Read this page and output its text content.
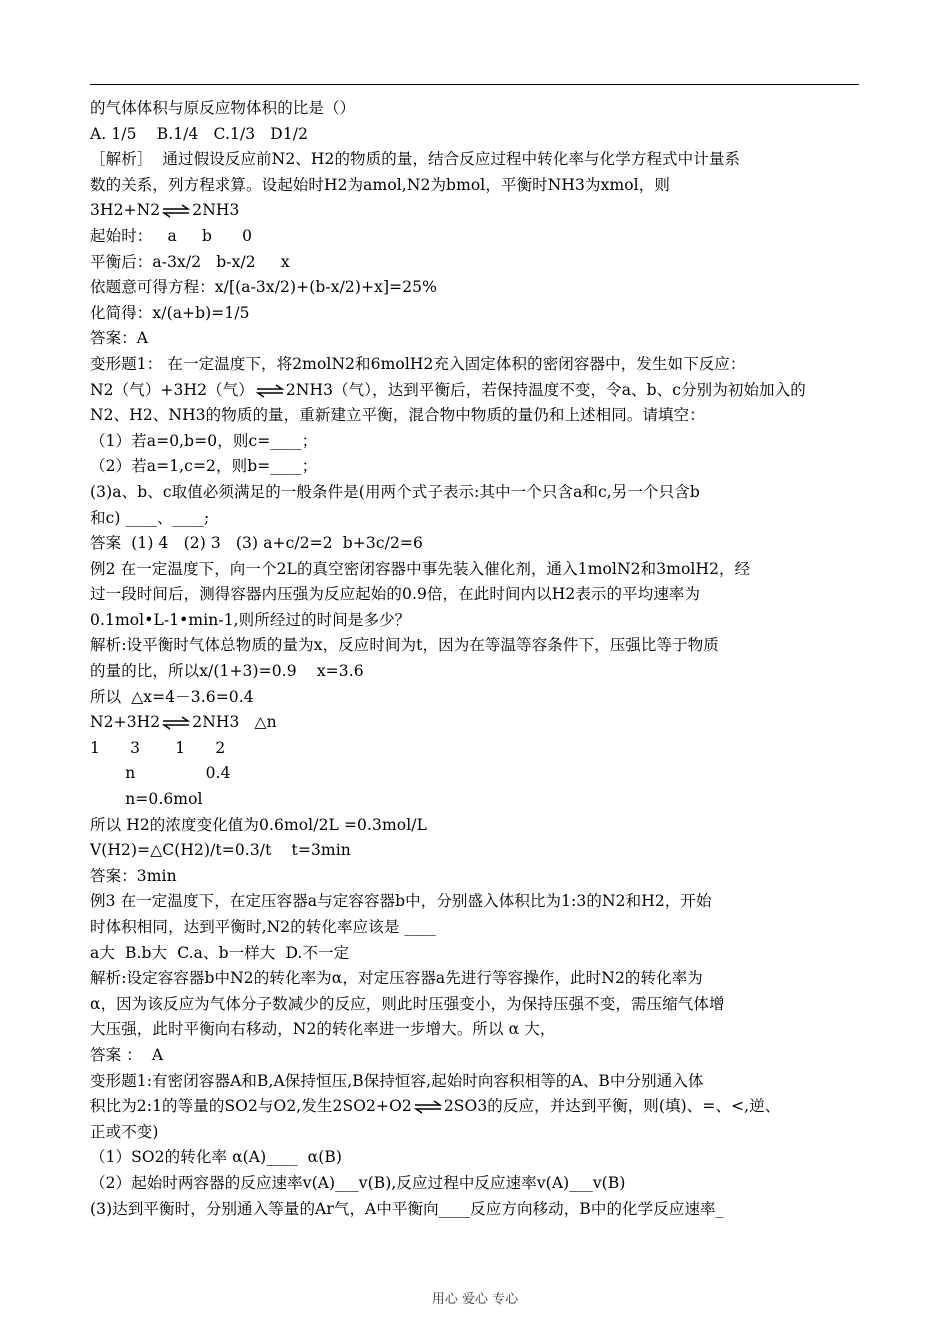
的气体体积与原反应物体积的比是（）
A. 1/5    B.1/4   C.1/3   D1/2
［解析］  通过假设反应前N2、H2的物质的量，结合反应过程中转化率与化学方程式中计量系
数的关系，列方程求算。设起始时H2为amol,N2为bmol，平衡时NH3为xmol，则
3H2+N2⇌2NH3
起始时：   a     b      0
平衡后：a-3x/2   b-x/2     x
依题意可得方程：x/[(a-3x/2)+(b-x/2)+x]=25%
化简得：x/(a+b)=1/5
答案：A
变形题1： 在一定温度下，将2molN2和6molH2充入固定体积的密闭容器中，发生如下反应：
N2（气）+3H2（气）⇌2NH3（气），达到平衡后，若保持温度不变，令a、b、c分别为初始加入的
N2、H2、NH3的物质的量，重新建立平衡，混合物中物质的量仍和上述相同。请填空：
（1）若a=0,b=0，则c=____；
（2）若a=1,c=2，则b=____；
(3)a、b、c取值必须满足的一般条件是(用两个式子表示:其中一个只含a和c,另一个只含b
和c) ____、____;
答案  (1) 4   (2) 3   (3) a+c/2=2  b+3c/2=6
例2 在一定温度下，向一个2L的真空密闭容器中事先装入催化剂，通入1molN2和3molH2，经
过一段时间后，测得容器内压强为反应起始的0.9倍，在此时间内以H2表示的平均速率为
0.1mol•L-1•min-1,则所经过的时间是多少？
解析:设平衡时气体总物质的量为x，反应时间为t，因为在等温等容条件下，压强比等于物质
的量的比，所以x/(1+3)=0.9    x=3.6
所以  △x=4－3.6=0.4
N2+3H2⇌2NH3   △n
1      3       1      2
n              0.4
n=0.6mol
所以 H2的浓度变化值为0.6mol/2L =0.3mol/L
V(H2)=△C(H2)/t=0.3/t    t=3min
答案：3min
例3 在一定温度下，在定压容器a与定容容器b中，分别盛入体积比为1:3的N2和H2，开始
时体积相同，达到平衡时,N2的转化率应该是 ____
a大  B.b大  C.a、b一样大  D.不一定
解析:设定容容器b中N2的转化率为α，对定压容器a先进行等容操作，此时N2的转化率为
α，因为该反应为气体分子数减少的反应，则此时压强变小，为保持压强不变，需压缩气体增
大压强，此时平衡向右移动，N2的转化率进一步增大。所以 α 大，
答案 ：  A
变形题1:有密闭容器A和B,A保持恒压,B保持恒容,起始时向容积相等的A、B中分别通入体
积比为2:1的等量的SO2与O2,发生2SO2+O2⇌2SO3的反应，并达到平衡，则(填)、=、<,逆、
正或不变)
（1）SO2的转化率 α(A)____  α(B)
（2）起始时两容器的反应速率v(A)___v(B),反应过程中反应速率v(A)___v(B)
(3)达到平衡时，分别通入等量的Ar气，A中平衡向____反应方向移动，B中的化学反应速率_
用心 爱心 专心
